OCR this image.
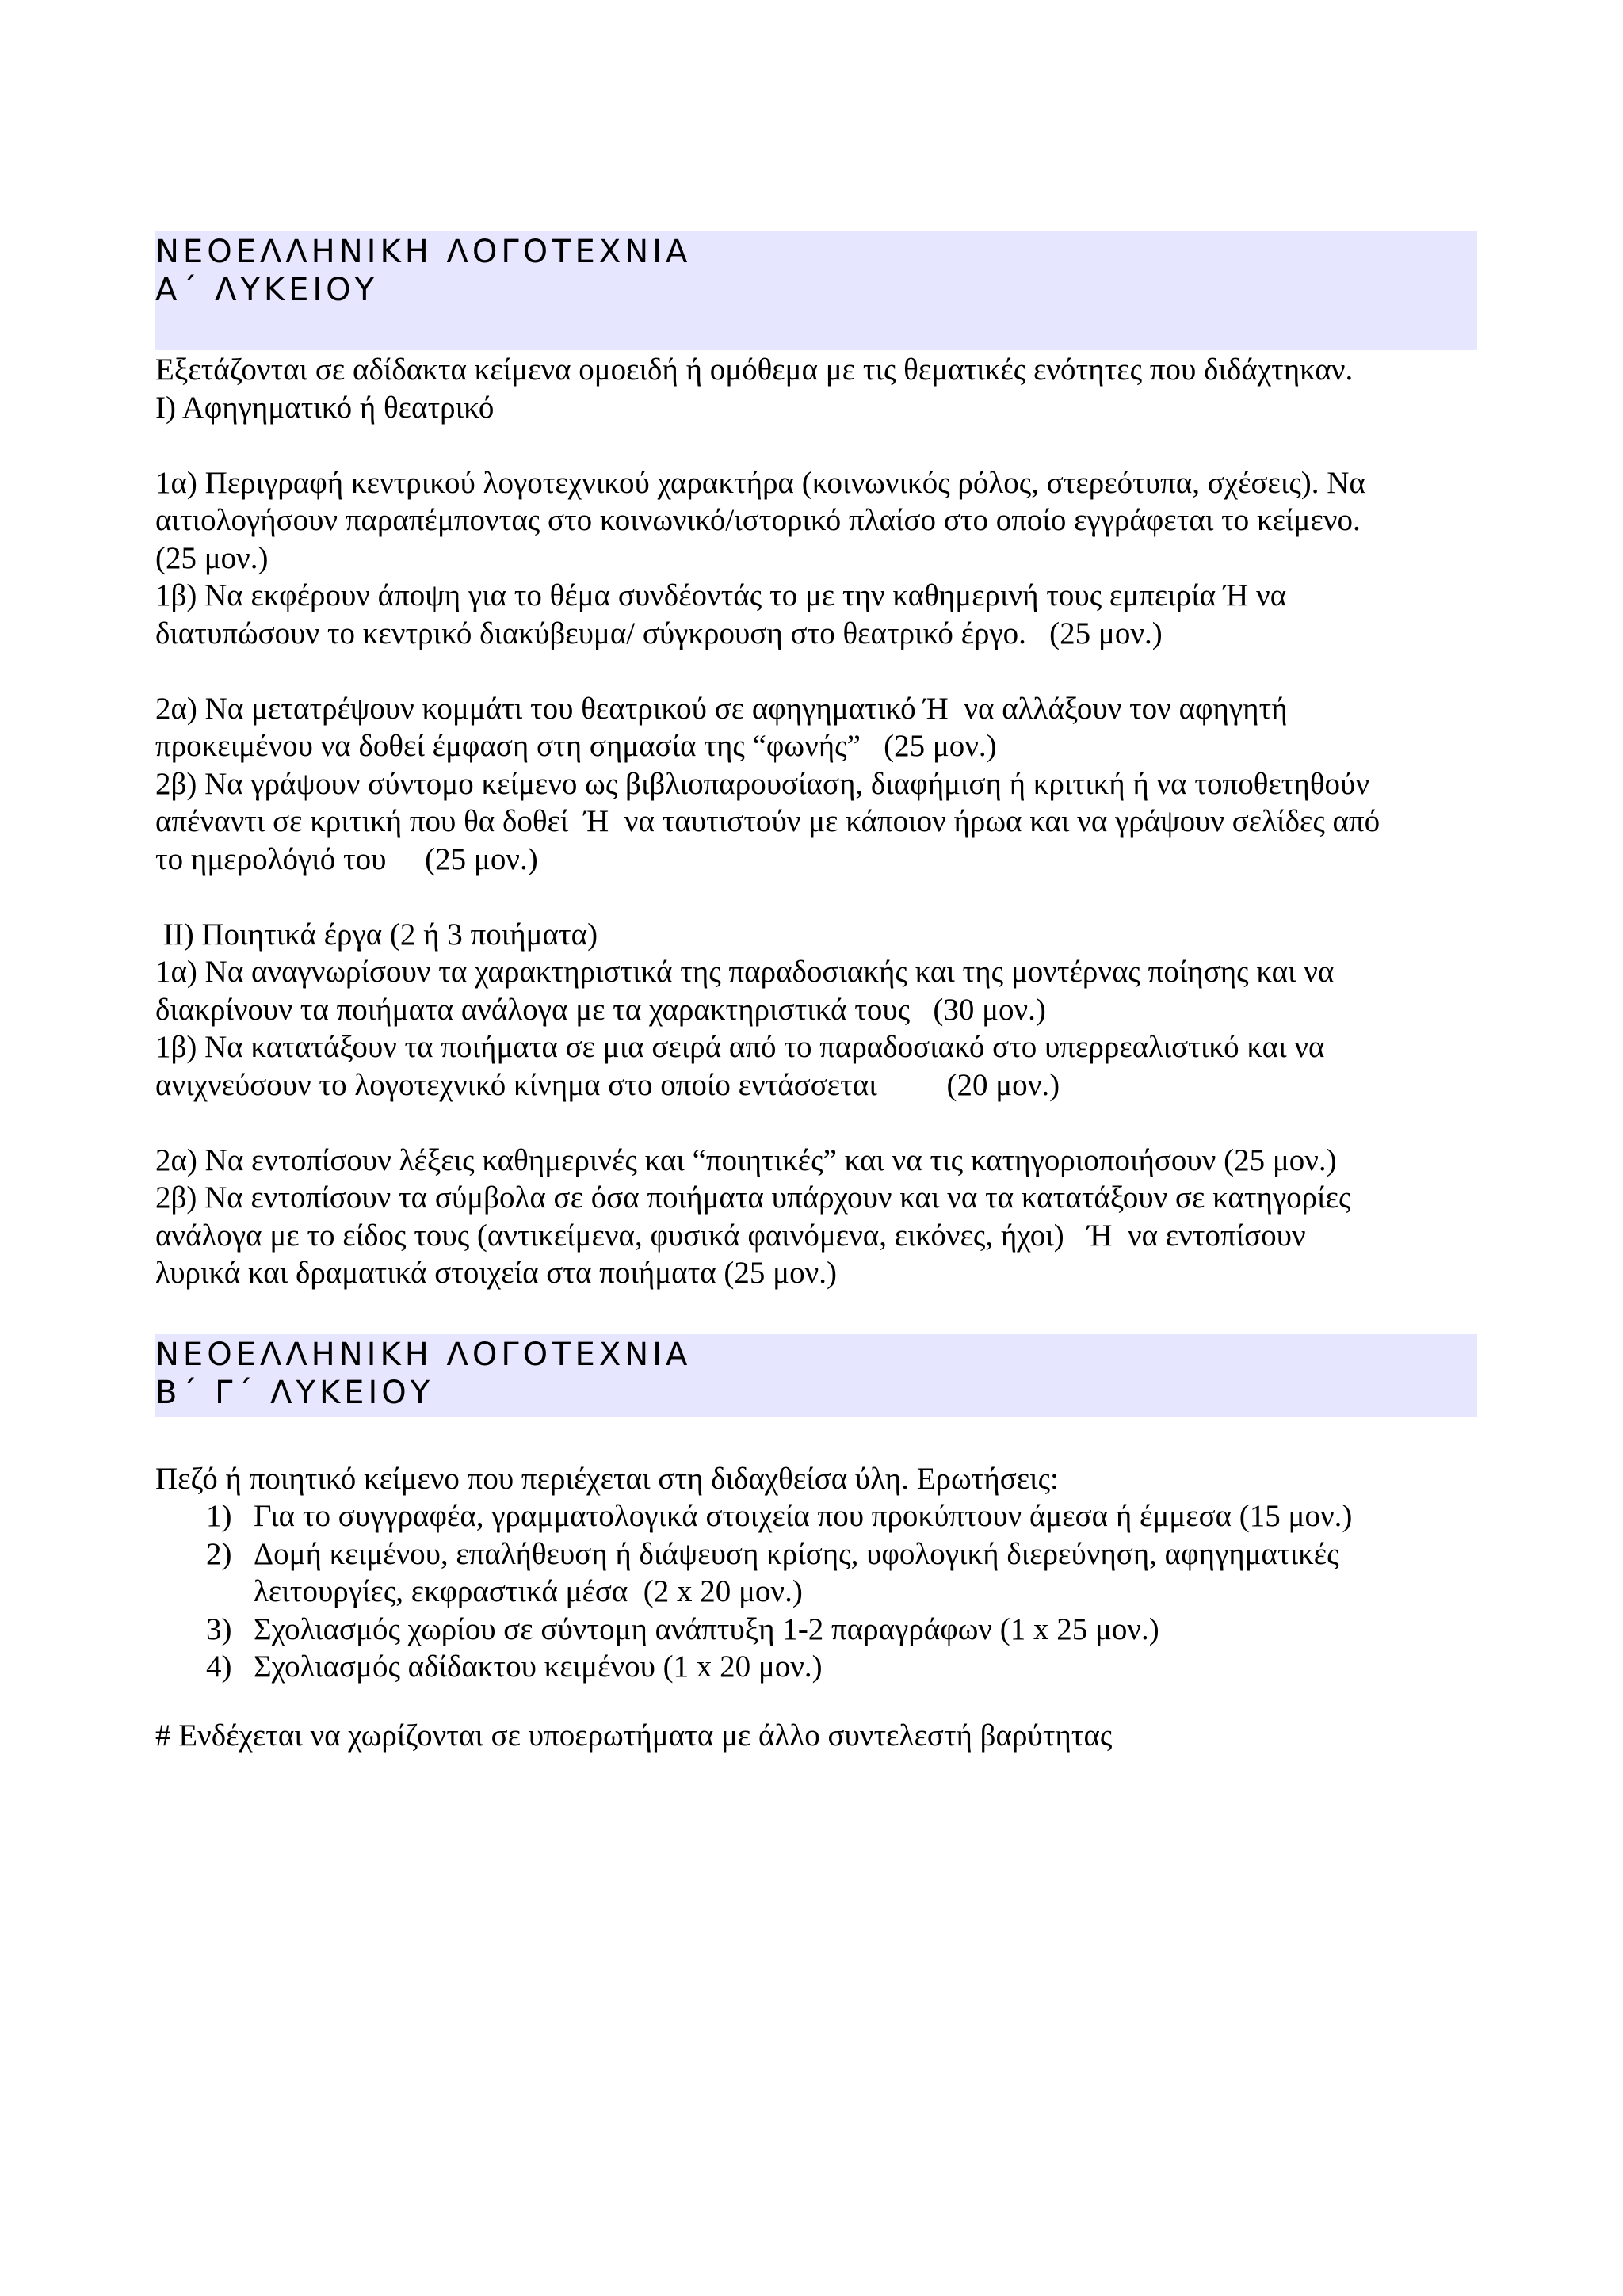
ΝΕΟΕΛΛΗΝΙΚΗ ΛΟΓΟΤΕΧΝΙΑ
Α΄ ΛΥΚΕΙΟΥ
Εξετάζονται σε αδίδακτα κείμενα ομοειδή ή ομόθεμα με τις θεματικές ενότητες που διδάχτηκαν.
Ι) Αφηγηματικό ή θεατρικό

1α) Περιγραφή κεντρικού λογοτεχνικού χαρακτήρα (κοινωνικός ρόλος, στερεότυπα, σχέσεις). Να
αιτιολογήσουν παραπέμποντας στο κοινωνικό/ιστορικό πλαίσο στο οποίο εγγράφεται το κείμενο.
(25 μον.)
1β) Να εκφέρουν άποψη για το θέμα συνδέοντάς το με την καθημερινή τους εμπειρία Ή να
διατυπώσουν το κεντρικό διακύβευμα/ σύγκρουση στο θεατρικό έργο.   (25 μον.)

2α) Να μετατρέψουν κομμάτι του θεατρικού σε αφηγηματικό Ή  να αλλάξουν τον αφηγητή
προκειμένου να δοθεί έμφαση στη σημασία της “φωνής”   (25 μον.)
2β) Να γράψουν σύντομο κείμενο ως βιβλιοπαρουσίαση, διαφήμιση ή κριτική ή να τοποθετηθούν
απέναντι σε κριτική που θα δοθεί  Ή  να ταυτιστούν με κάποιον ήρωα και να γράψουν σελίδες από
το ημερολόγιό του     (25 μον.)

ΙΙ) Ποιητικά έργα (2 ή 3 ποιήματα)
1α) Να αναγνωρίσουν τα χαρακτηριστικά της παραδοσιακής και της μοντέρνας ποίησης και να
διακρίνουν τα ποιήματα ανάλογα με τα χαρακτηριστικά τους   (30 μον.)
1β) Να κατατάξουν τα ποιήματα σε μια σειρά από το παραδοσιακό στο υπερρεαλιστικό και να
ανιχνεύσουν το λογοτεχνικό κίνημα στο οποίο εντάσσεται         (20 μον.)

2α) Να εντοπίσουν λέξεις καθημερινές και “ποιητικές” και να τις κατηγοριοποιήσουν (25 μον.)
2β) Να εντοπίσουν τα σύμβολα σε όσα ποιήματα υπάρχουν και να τα κατατάξουν σε κατηγορίες
ανάλογα με το είδος τους (αντικείμενα, φυσικά φαινόμενα, εικόνες, ήχοι)   Ή  να εντοπίσουν
λυρικά και δραματικά στοιχεία στα ποιήματα (25 μον.)
ΝΕΟΕΛΛΗΝΙΚΗ ΛΟΓΟΤΕΧΝΙΑ
Β΄ Γ΄ ΛΥΚΕΙΟΥ
Πεζό ή ποιητικό κείμενο που περιέχεται στη διδαχθείσα ύλη. Ερωτήσεις:
1) Για το συγγραφέα, γραμματολογικά στοιχεία που προκύπτουν άμεσα ή έμμεσα (15 μον.)
2) Δομή κειμένου, επαλήθευση ή διάψευση κρίσης, υφολογική διερεύνηση, αφηγηματικές
λειτουργίες, εκφραστικά μέσα  (2 x 20 μον.)
3) Σχολιασμός χωρίου σε σύντομη ανάπτυξη 1-2 παραγράφων (1 x 25 μον.)
4) Σχολιασμός αδίδακτου κειμένου (1 x 20 μον.)
# Ενδέχεται να χωρίζονται σε υποερωτήματα με άλλο συντελεστή βαρύτητας
